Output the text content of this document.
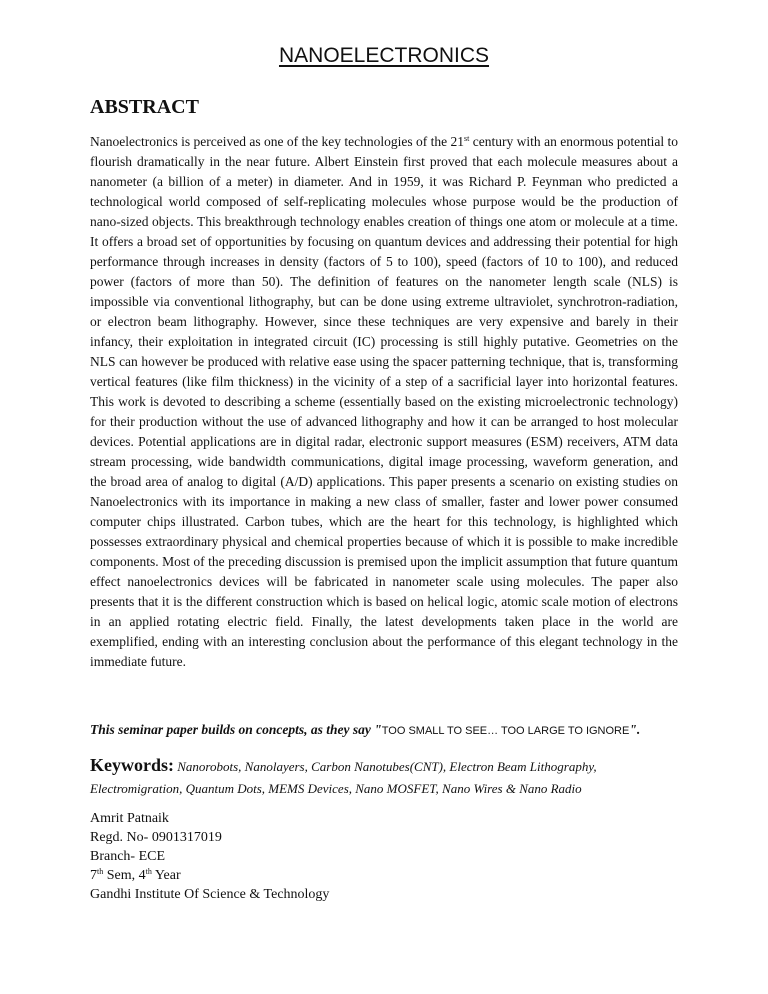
NANOELECTRONICS
ABSTRACT

Nanoelectronics is perceived as one of the key technologies of the 21st century with an enormous potential to flourish dramatically in the near future. Albert Einstein first proved that each molecule measures about a nanometer (a billion of a meter) in diameter. And in 1959, it was Richard P. Feynman who predicted a technological world composed of self-replicating molecules whose purpose would be the production of nano-sized objects. This breakthrough technology enables creation of things one atom or molecule at a time. It offers a broad set of opportunities by focusing on quantum devices and addressing their potential for high performance through increases in density (factors of 5 to 100), speed (factors of 10 to 100), and reduced power (factors of more than 50). The definition of features on the nanometer length scale (NLS) is impossible via conventional lithography, but can be done using extreme ultraviolet, synchrotron-radiation, or electron beam lithography. However, since these techniques are very expensive and barely in their infancy, their exploitation in integrated circuit (IC) processing is still highly putative. Geometries on the NLS can however be produced with relative ease using the spacer patterning technique, that is, transforming vertical features (like film thickness) in the vicinity of a step of a sacrificial layer into horizontal features. This work is devoted to describing a scheme (essentially based on the existing microelectronic technology) for their production without the use of advanced lithography and how it can be arranged to host molecular devices. Potential applications are in digital radar, electronic support measures (ESM) receivers, ATM data stream processing, wide bandwidth communications, digital image processing, waveform generation, and the broad area of analog to digital (A/D) applications. This paper presents a scenario on existing studies on Nanoelectronics with its importance in making a new class of smaller, faster and lower power consumed computer chips illustrated. Carbon tubes, which are the heart for this technology, is highlighted which possesses extraordinary physical and chemical properties because of which it is possible to make incredible components. Most of the preceding discussion is premised upon the implicit assumption that future quantum effect nanoelectronics devices will be fabricated in nanometer scale using molecules. The paper also presents that it is the different construction which is based on helical logic, atomic scale motion of electrons in an applied rotating electric field. Finally, the latest developments taken place in the world are exemplified, ending with an interesting conclusion about the performance of this elegant technology in the immediate future.

This seminar paper builds on concepts, as they say "TOO SMALL TO SEE… TOO LARGE TO IGNORE".

Keywords: Nanorobots, Nanolayers, Carbon Nanotubes(CNT), Electron Beam Lithography, Electromigration, Quantum Dots, MEMS Devices, Nano MOSFET, Nano Wires & Nano Radio

Amrit Patnaik
Regd. No- 0901317019
Branch- ECE
7th Sem, 4th Year
Gandhi Institute Of Science & Technology
